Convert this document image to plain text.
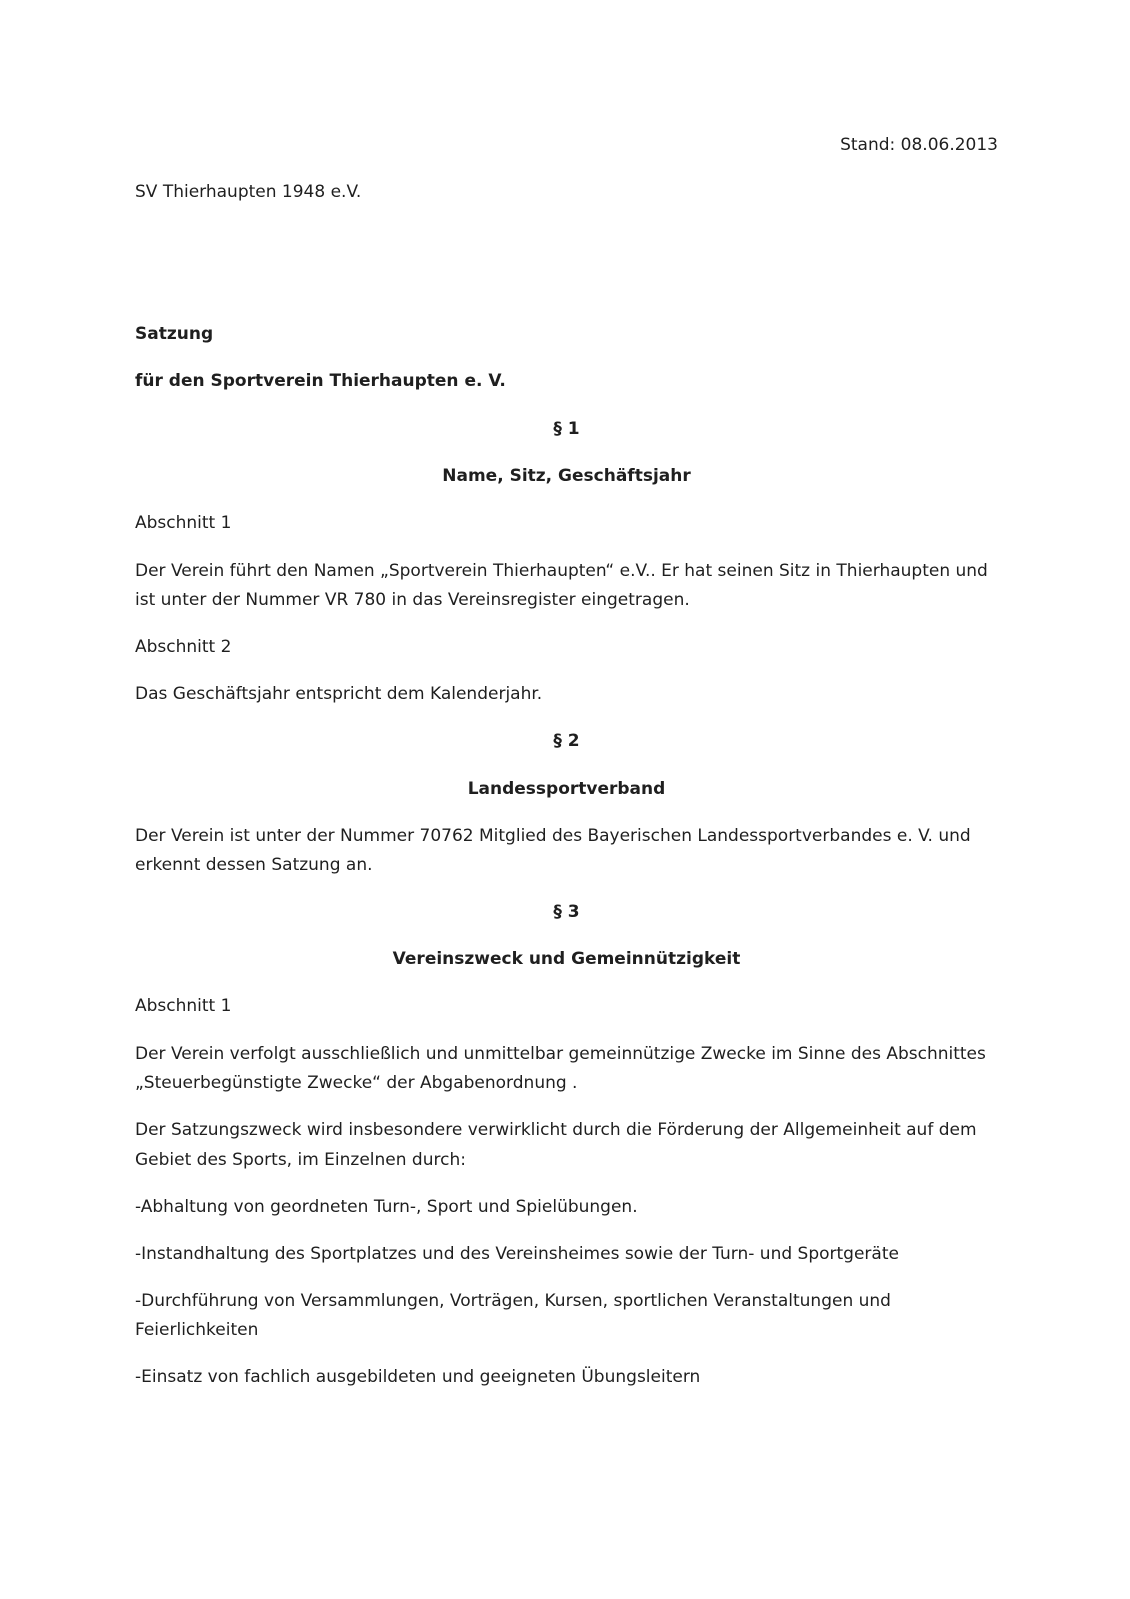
Stand: 08.06.2013

SV Thierhaupten 1948 e.V.

Satzung

für den Sportverein Thierhaupten e. V.

§ 1

Name, Sitz, Geschäftsjahr

Abschnitt 1

Der Verein führt den Namen „Sportverein Thierhaupten“ e.V.. Er hat seinen Sitz in Thierhaupten und

ist unter der Nummer VR 780 in das Vereinsregister eingetragen.

Abschnitt 2

Das Geschäftsjahr entspricht dem Kalenderjahr.

§ 2

Landessportverband

Der Verein ist unter der Nummer 70762 Mitglied des Bayerischen Landessportverbandes e. V. und

erkennt dessen Satzung an.

§ 3

Vereinszweck und Gemeinnützigkeit

Abschnitt 1

Der Verein verfolgt ausschließlich und unmittelbar gemeinnützige Zwecke im Sinne des Abschnittes

„Steuerbegünstigte Zwecke“ der Abgabenordnung .

Der Satzungszweck wird insbesondere verwirklicht durch die Förderung der Allgemeinheit auf dem

Gebiet des Sports, im Einzelnen durch:

-Abhaltung von geordneten Turn-, Sport und Spielübungen.

-Instandhaltung des Sportplatzes und des Vereinsheimes sowie der Turn- und Sportgeräte

-Durchführung von Versammlungen, Vorträgen, Kursen, sportlichen Veranstaltungen und

Feierlichkeiten

-Einsatz von fachlich ausgebildeten und geeigneten Übungsleitern
